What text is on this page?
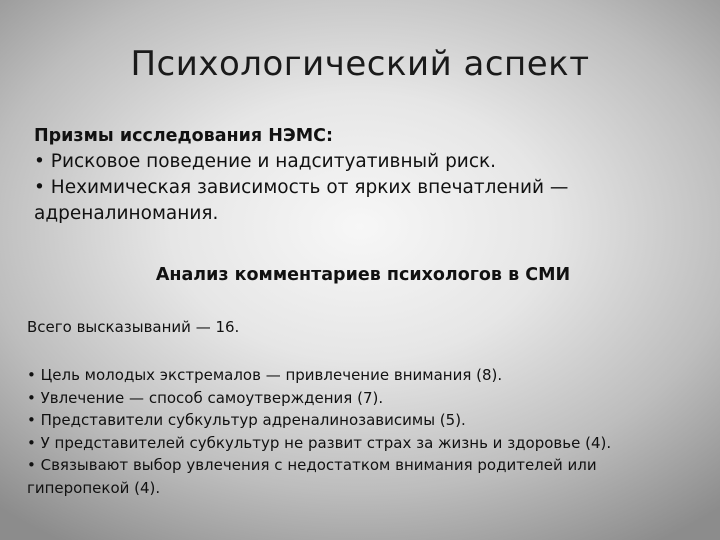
Психологический аспект
Призмы исследования НЭМС:
• Рисковое поведение и надситуативный риск.
• Нехимическая зависимость от ярких впечатлений —
адреналиномания.
Анализ комментариев психологов в СМИ
Всего высказываний — 16.
• Цель молодых экстремалов — привлечение внимания (8).
• Увлечение — способ самоутверждения (7).
• Представители субкультур адреналинозависимы (5).
• У представителей субкультур не развит страх за жизнь и здоровье (4).
• Связывают выбор увлечения с недостатком внимания родителей или
гиперопекой (4).
